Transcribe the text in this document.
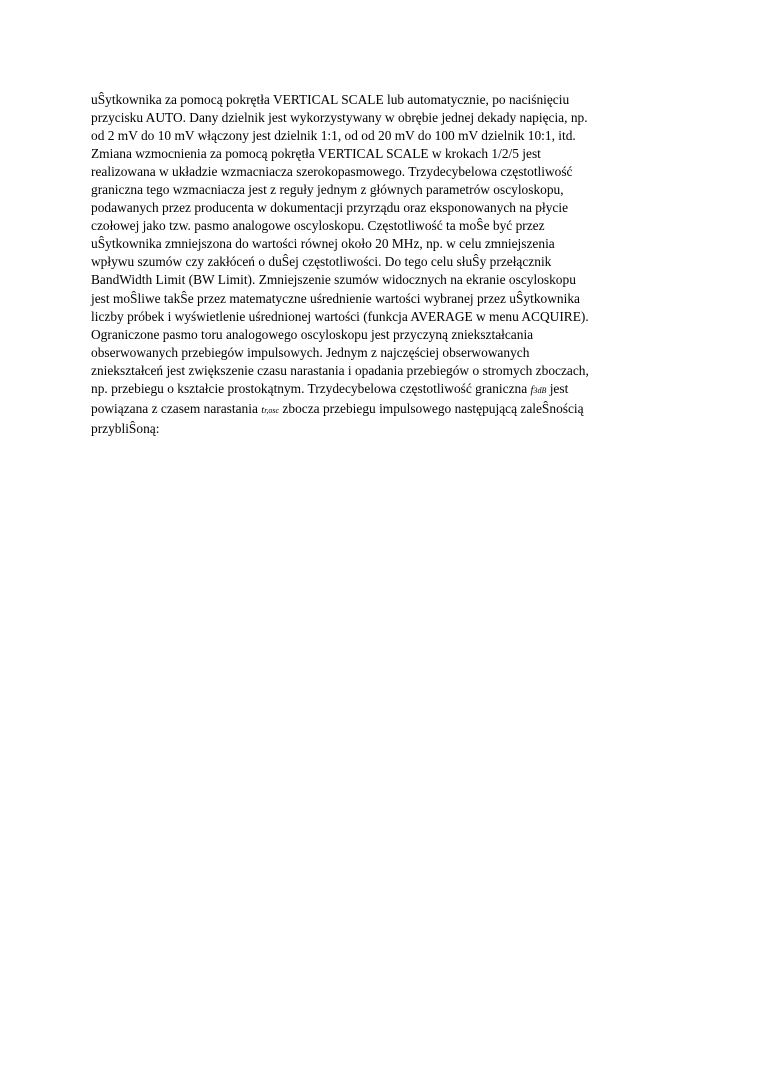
uŜytkownika za pomocą pokrętła VERTICAL SCALE lub automatycznie, po naciśnięciu
przycisku AUTO. Dany dzielnik jest wykorzystywany w obrębie jednej dekady napięcia, np.
od 2 mV do 10 mV włączony jest dzielnik 1:1, od od 20 mV do 100 mV dzielnik 10:1, itd.
Zmiana wzmocnienia za pomocą pokrętła VERTICAL SCALE w krokach 1/2/5 jest
realizowana w układzie wzmacniacza szerokopasmowego. Trzydecybelowa częstotliwość
graniczna tego wzmacniacza jest z reguły jednym z głównych parametrów oscyloskopu,
podawanych przez producenta w dokumentacji przyrządu oraz eksponowanych na płycie
czołowej jako tzw. pasmo analogowe oscyloskopu. Częstotliwość ta moŜe być przez
uŜytkownika zmniejszona do wartości równej około 20 MHz, np. w celu zmniejszenia
wpływu szumów czy zakłóceń o duŜej częstotliwości. Do tego celu słuŜy przełącznik
BandWidth Limit (BW Limit). Zmniejszenie szumów widocznych na ekranie oscyloskopu
jest moŜliwe takŜe przez matematyczne uśrednienie wartości wybranej przez uŜytkownika
liczby próbek i wyświetlenie uśrednionej wartości (funkcja AVERAGE w menu ACQUIRE).
Ograniczone pasmo toru analogowego oscyloskopu jest przyczyną zniekształcania
obserwowanych przebiegów impulsowych. Jednym z najczęściej obserwowanych
zniekształceń jest zwiększenie czasu narastania i opadania przebiegów o stromych zboczach,
np. przebiegu o kształcie prostokątnym. Trzydecybelowa częstotliwość graniczna f3dB jest
powiązana z czasem narastania tr,osc zbocza przebiegu impulsowego następującą zaleŜnością
przybliŜoną:
